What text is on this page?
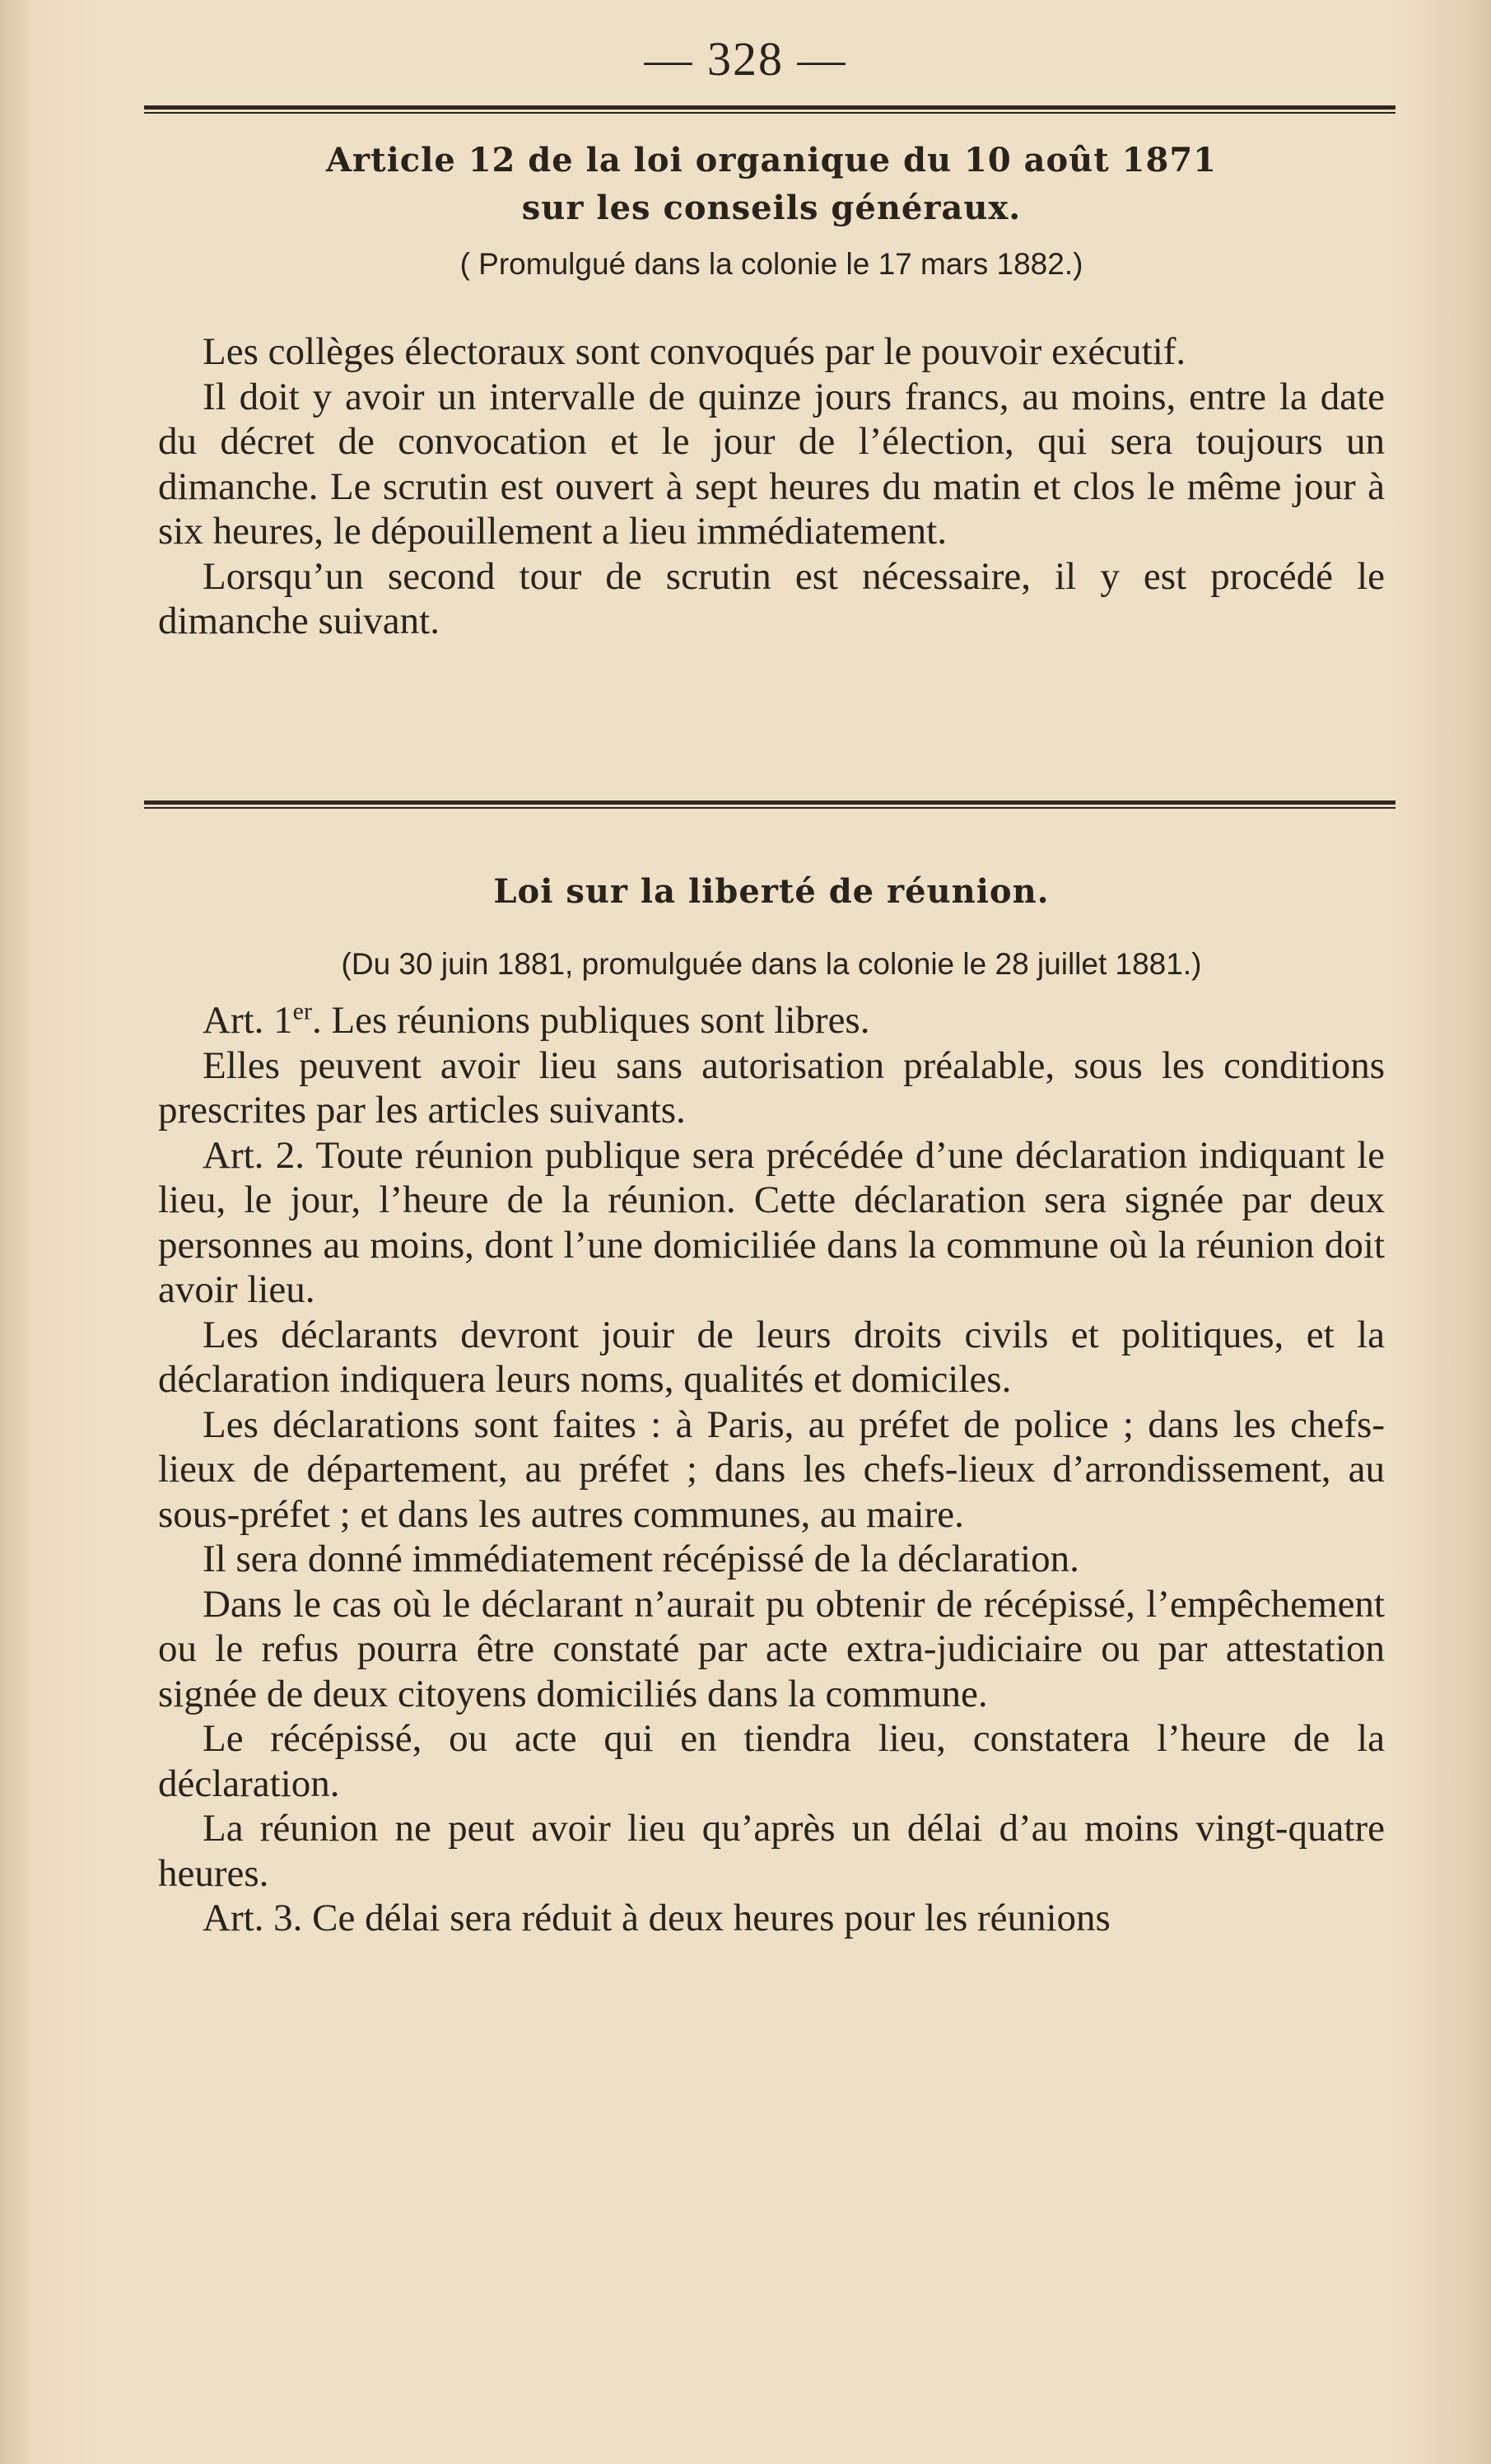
— 328 —
Article 12 de la loi organique du 10 août 1871
sur les conseils généraux.
( Promulgué dans la colonie le 17 mars 1882.)

Les collèges électoraux sont convoqués par le pouvoir exécutif.

Il doit y avoir un intervalle de quinze jours francs, au moins, entre la date du décret de convocation et le jour de l’élection, qui sera toujours un dimanche. Le scrutin est ouvert à sept heures du matin et clos le même jour à six heures, le dépouillement a lieu immédiatement.

Lorsqu’un second tour de scrutin est nécessaire, il y est procédé le dimanche suivant.

Loi sur la liberté de réunion.
(Du 30 juin 1881, promulguée dans la colonie le 28 juillet 1881.)

Art. 1er. Les réunions publiques sont libres.

Elles peuvent avoir lieu sans autorisation préalable, sous les conditions prescrites par les articles suivants.

Art. 2. Toute réunion publique sera précédée d’une déclaration indiquant le lieu, le jour, l’heure de la réunion. Cette déclaration sera signée par deux personnes au moins, dont l’une domiciliée dans la commune où la réunion doit avoir lieu.

Les déclarants devront jouir de leurs droits civils et politiques, et la déclaration indiquera leurs noms, qualités et domiciles.

Les déclarations sont faites : à Paris, au préfet de police ; dans les chefs-lieux de département, au préfet ; dans les chefs-lieux d’arrondissement, au sous-préfet ; et dans les autres communes, au maire.

Il sera donné immédiatement récépissé de la déclaration.

Dans le cas où le déclarant n’aurait pu obtenir de récépissé, l’empêchement ou le refus pourra être constaté par acte extra-judiciaire ou par attestation signée de deux citoyens domiciliés dans la commune.

Le récépissé, ou acte qui en tiendra lieu, constatera l’heure de la déclaration.

La réunion ne peut avoir lieu qu’après un délai d’au moins vingt-quatre heures.

Art. 3. Ce délai sera réduit à deux heures pour les réunions
